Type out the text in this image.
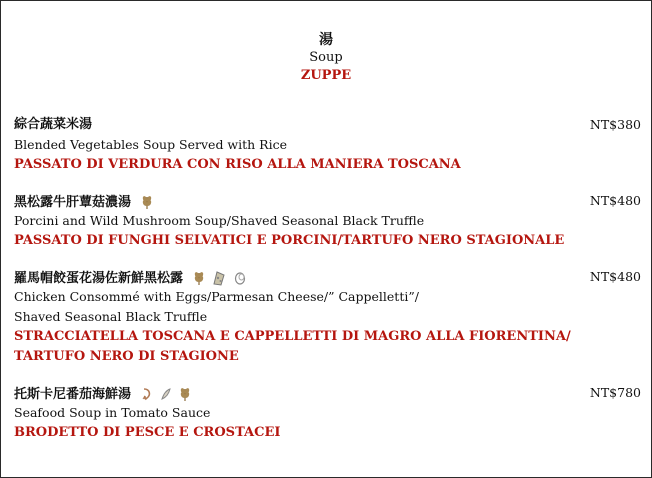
湯
Soup
ZUPPE
綜合蔬菜米湯
Blended Vegetables Soup Served with Rice
PASSATO DI VERDURA CON RISO ALLA MANIERA TOSCANA
NT$380
黑松露牛肝蕈菇濃湯
Porcini and Wild Mushroom Soup/Shaved Seasonal Black Truffle
PASSATO DI FUNGHI SELVATICI E PORCINI/TARTUFO NERO STAGIONALE
NT$480
羅馬帽餃蛋花湯佐新鮮黑松露
Chicken Consommé with Eggs/Parmesan Cheese/” Cappelletti”/
Shaved Seasonal Black Truffle
STRACCIATELLA TOSCANA E CAPPELLETTI DI MAGRO ALLA FIORENTINA/
TARTUFO NERO DI STAGIONE
NT$480
托斯卡尼番茄海鮮湯
Seafood Soup in Tomato Sauce
BRODETTO DI PESCE E CROSTACEI
NT$780
